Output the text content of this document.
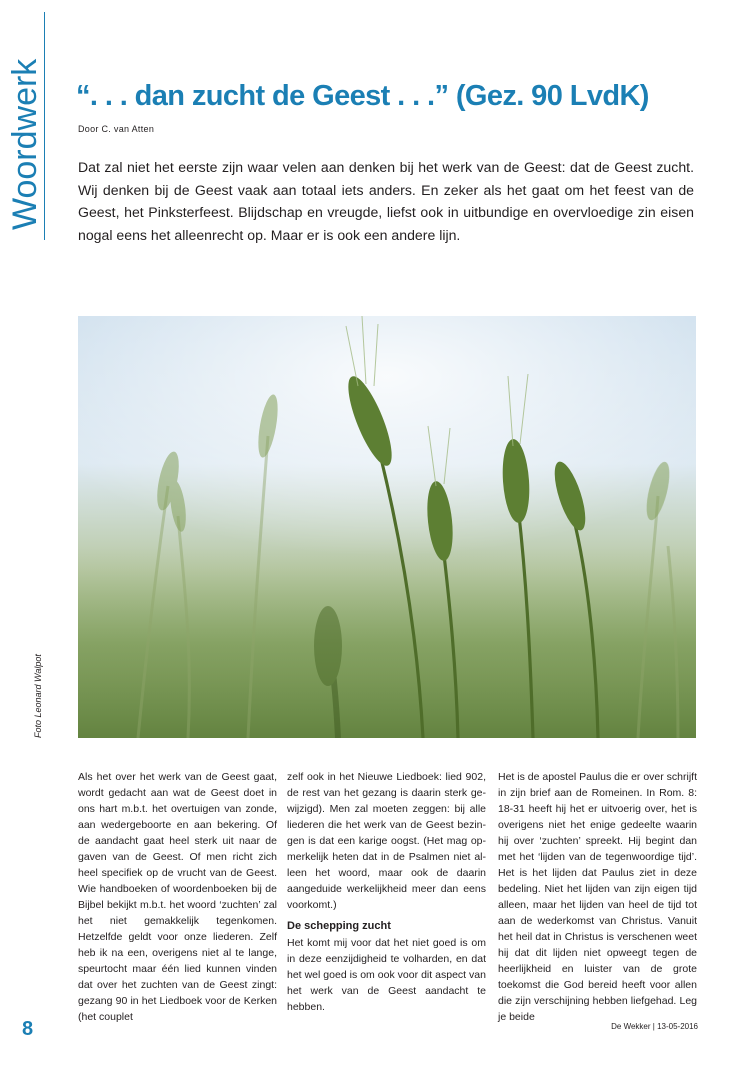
Woordwerk “. . . dan zucht de Geest . . .” (Gez. 90 LvdK)
Door C. van Atten

Dat zal niet het eerste zijn waar velen aan denken bij het werk van de Geest: dat de Geest zucht. Wij denken bij de Geest vaak aan totaal iets anders. En zeker als het gaat om het feest van de Geest, het Pinksterfeest. Blijdschap en vreugde, liefst ook in uitbundige en overvloedige zin eisen nogal eens het alleenrecht op. Maar er is ook een andere lijn.

Foto Leonard Walpot

Als het over het werk van de Geest gaat, wordt gedacht aan wat de Geest doet in ons hart m.b.t. het overtuigen van zonde, aan wedergeboorte en aan bekering. Of de aandacht gaat heel sterk uit naar de gaven van de Geest. Of men richt zich heel specifiek op de vrucht van de Geest. Wie handboeken of woordenboeken bij de Bijbel bekijkt m.b.t. het woord ‘zuchten’ zal het niet gemakkelijk tegenkomen. Hetzelfde geldt voor onze liederen. Zelf heb ik na een, overigens niet al te lange, speurtocht maar één lied kunnen vinden dat over het zuchten van de Geest zingt: gezang 90 in het Liedboek voor de Kerken (het couplet

zelf ook in het Nieuwe Liedboek: lied 902, de rest van het gezang is daarin sterk gewijzigd). Men zal moeten zeggen: bij alle liederen die het werk van de Geest bezingen is dat een karige oogst. (Het mag opmerkelijk heten dat in de Psalmen niet alleen het woord, maar ook de daarin aangeduide werkelijkheid meer dan eens voorkomt.)

De schepping zucht

Het komt mij voor dat het niet goed is om in deze eenzijdigheid te volharden, en dat het wel goed is om ook voor dit aspect van het werk van de Geest aandacht te hebben.

Het is de apostel Paulus die er over schrijft in zijn brief aan de Romeinen. In Rom. 8: 18-31 heeft hij het er uitvoerig over, het is overigens niet het enige gedeelte waarin hij over ‘zuchten’ spreekt. Hij begint dan met het ‘lijden van de tegenwoordige tijd’. Het is het lijden dat Paulus ziet in deze bedeling. Niet het lijden van zijn eigen tijd alleen, maar het lijden van heel de tijd tot aan de wederkomst van Christus. Vanuit het heil dat in Christus is verschenen weet hij dat dit lijden niet opweegt tegen de heerlijkheid en luister van de grote toekomst die God bereid heeft voor allen die zijn verschijning hebben liefgehad. Leg je beide

8	De Wekker | 13-05-2016
